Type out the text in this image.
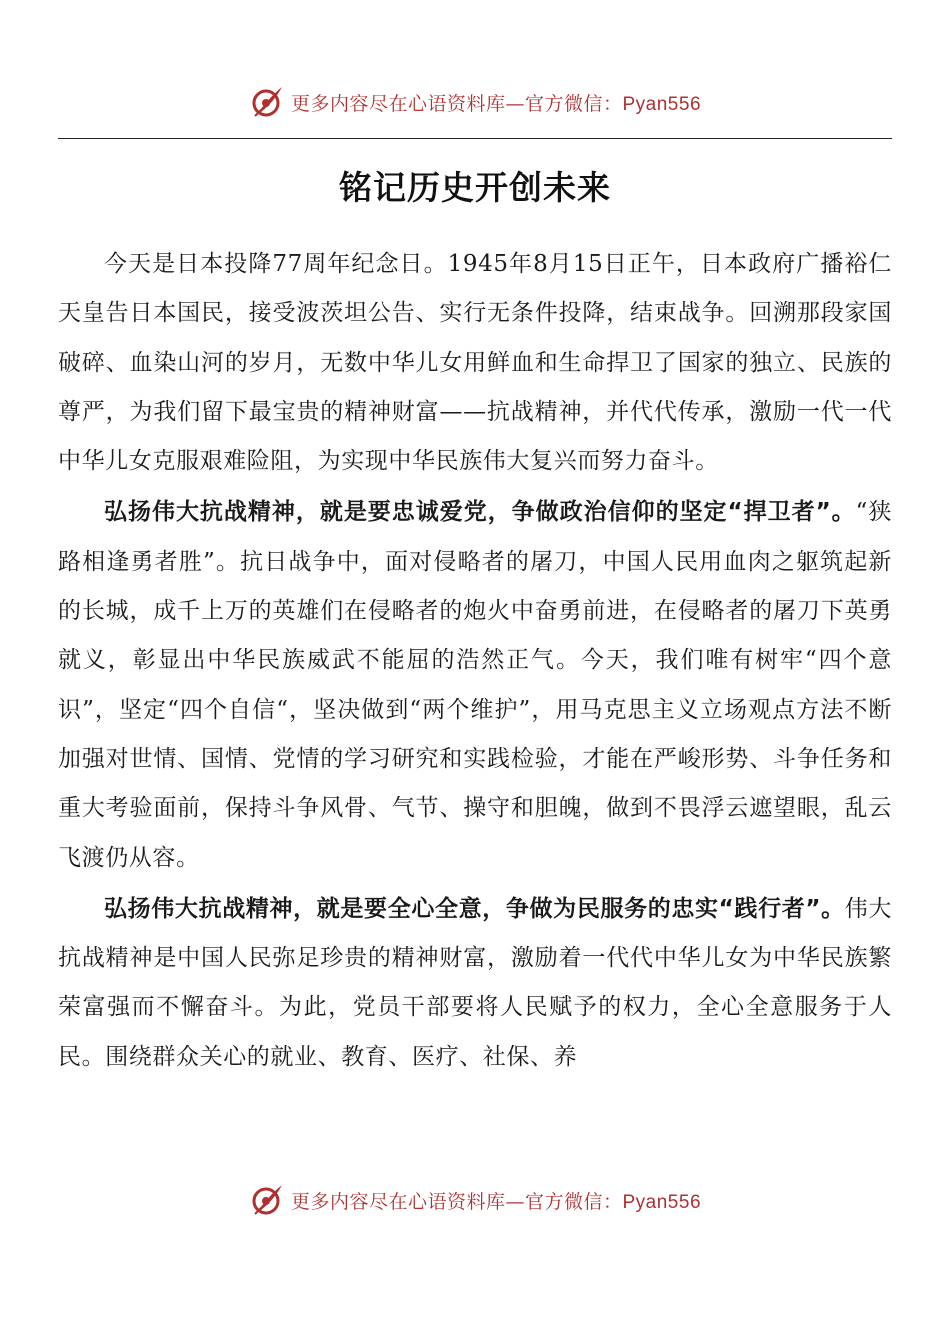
更多内容尽在心语资料库—官方微信：Pyan556
铭记历史开创未来

今天是日本投降77周年纪念日。1945年8月15日正午，日本政府广播裕仁天皇告日本国民，接受波茨坦公告、实行无条件投降，结束战争。回溯那段家国破碎、血染山河的岁月，无数中华儿女用鲜血和生命捍卫了国家的独立、民族的尊严，为我们留下最宝贵的精神财富——抗战精神，并代代传承，激励一代一代中华儿女克服艰难险阻，为实现中华民族伟大复兴而努力奋斗。

弘扬伟大抗战精神，就是要忠诚爱党，争做政治信仰的坚定“捍卫者”。“狭路相逢勇者胜”。抗日战争中，面对侵略者的屠刀，中国人民用血肉之躯筑起新的长城，成千上万的英雄们在侵略者的炮火中奋勇前进，在侵略者的屠刀下英勇就义，彰显出中华民族威武不能屈的浩然正气。今天，我们唯有树牢“四个意识”，坚定“四个自信“，坚决做到“两个维护”，用马克思主义立场观点方法不断加强对世情、国情、党情的学习研究和实践检验，才能在严峻形势、斗争任务和重大考验面前，保持斗争风骨、气节、操守和胆魄，做到不畏浮云遮望眼，乱云飞渡仍从容。

弘扬伟大抗战精神，就是要全心全意，争做为民服务的忠实“践行者”。伟大抗战精神是中国人民弥足珍贵的精神财富，激励着一代代中华儿女为中华民族繁荣富强而不懈奋斗。为此，党员干部要将人民赋予的权力，全心全意服务于人民。围绕群众关心的就业、教育、医疗、社保、养

更多内容尽在心语资料库—官方微信：Pyan556
